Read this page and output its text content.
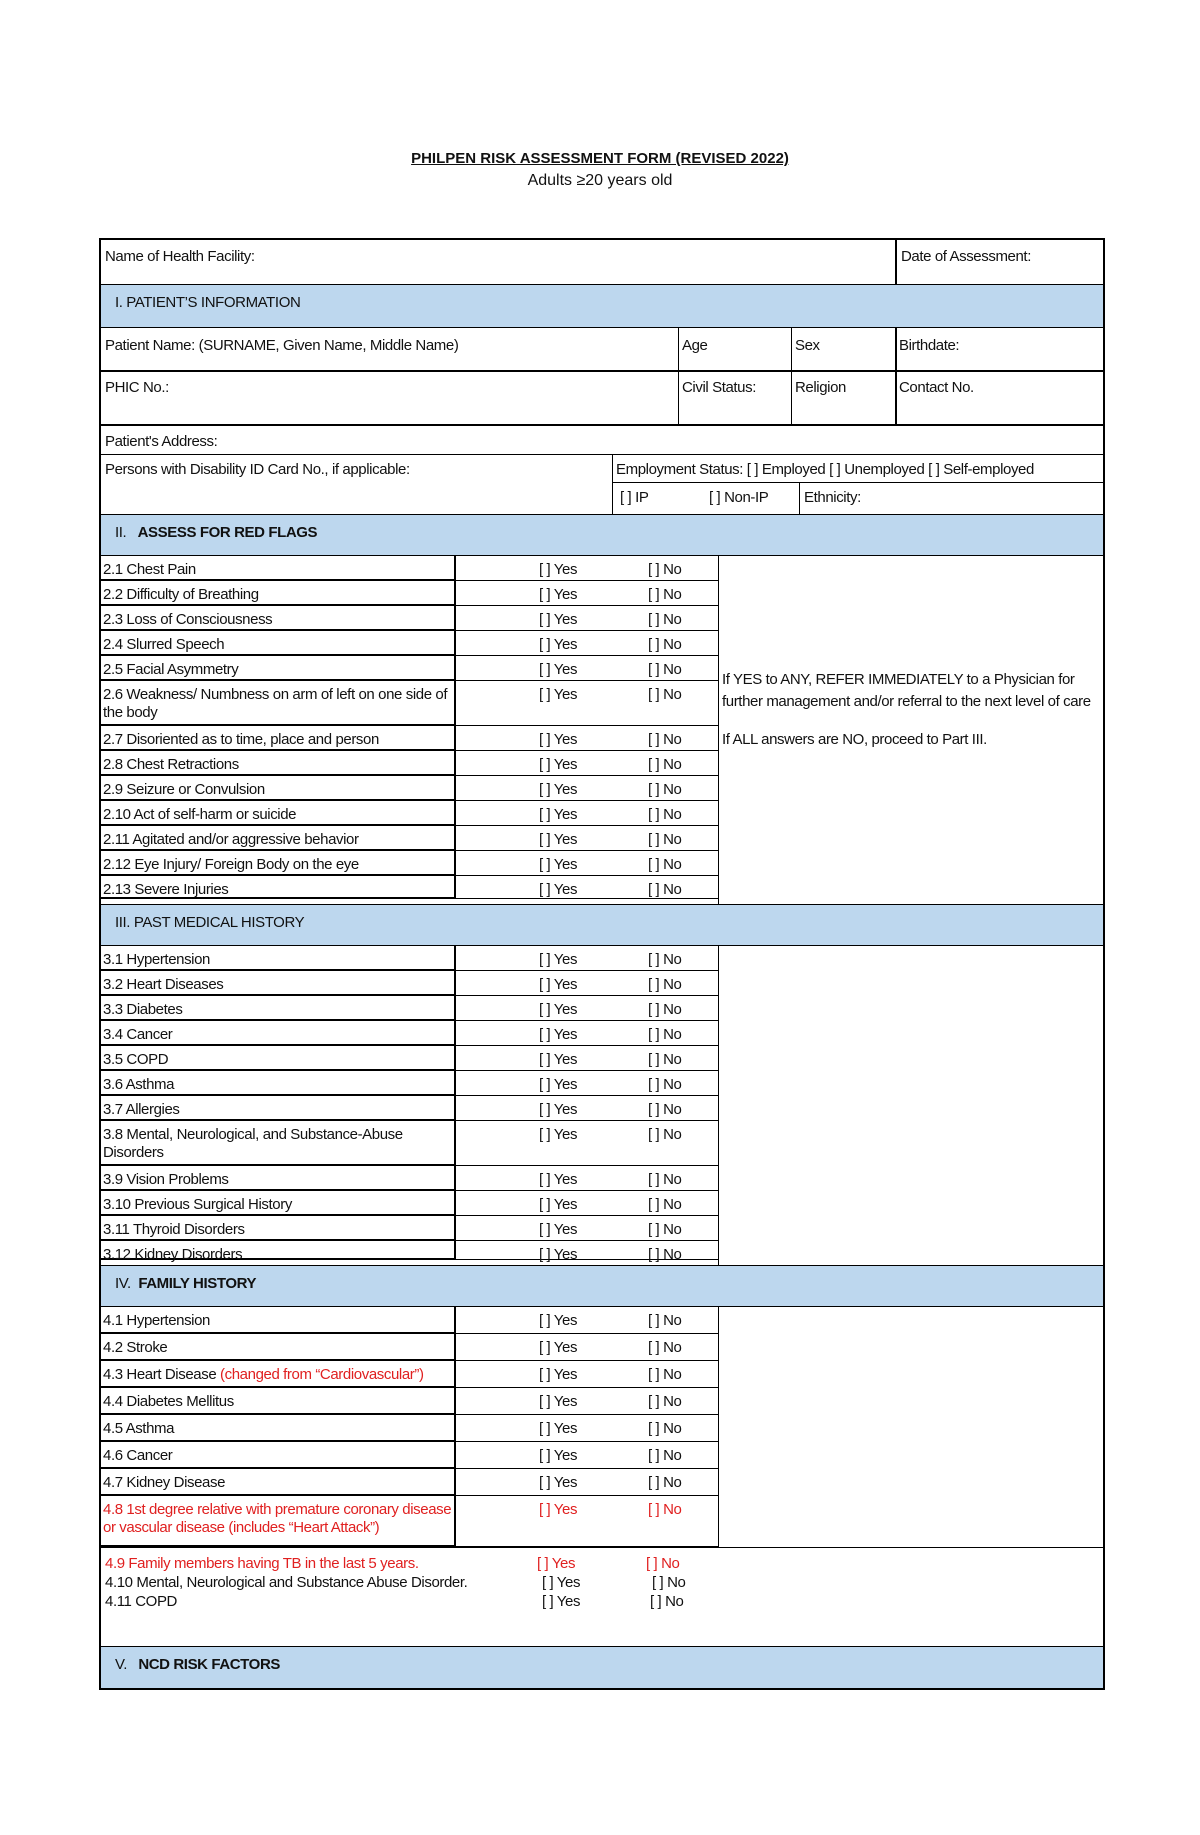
PHILPEN RISK ASSESSMENT FORM (REVISED 2022)
Adults ≥20 years old
Name of Health Facility:	Date of Assessment:
I. PATIENT’S INFORMATION
Patient Name: (SURNAME, Given Name, Middle Name)	Age	Sex	Birthdate:
PHIC No.:	Civil Status:	Religion	Contact No.
Patient's Address:
Persons with Disability ID Card No., if applicable:	Employment Status: [ ] Employed [ ] Unemployed [ ] Self-employed
[ ] IP	[ ] Non-IP Ethnicity:
II. ASSESS FOR RED FLAGS
2.1 Chest Pain	[ ] Yes	[ ] No
2.2 Difficulty of Breathing	[ ] Yes	[ ] No
2.3 Loss of Consciousness	[ ] Yes	[ ] No
2.4 Slurred Speech	[ ] Yes	[ ] No
2.5 Facial Asymmetry	[ ] Yes	[ ] No
2.6 Weakness/ Numbness on arm of left on one side of the body
[ ] Yes	[ ] No
2.7 Disoriented as to time, place and person	[ ] Yes	[ ] No
2.8 Chest Retractions	[ ] Yes	[ ] No
2.9 Seizure or Convulsion	[ ] Yes	[ ] No
2.10 Act of self-harm or suicide	[ ] Yes	[ ] No
2.11 Agitated and/or aggressive behavior	[ ] Yes	[ ] No
2.12 Eye Injury/ Foreign Body on the eye	[ ] Yes	[ ] No
2.13 Severe Injuries	[ ] Yes	[ ] No
If YES to ANY, REFER IMMEDIATELY to a Physician for further management and/or referral to the next level of care
If ALL answers are NO, proceed to Part III.
III. PAST MEDICAL HISTORY
3.1 Hypertension	[ ] Yes	[ ] No
3.2 Heart Diseases	[ ] Yes	[ ] No
3.3 Diabetes	[ ] Yes	[ ] No
3.4 Cancer	[ ] Yes	[ ] No
3.5 COPD	[ ] Yes	[ ] No
3.6 Asthma	[ ] Yes	[ ] No
3.7 Allergies	[ ] Yes	[ ] No
3.8 Mental, Neurological, and Substance-Abuse Disorders
[ ] Yes	[ ] No
3.9 Vision Problems	[ ] Yes	[ ] No
3.10 Previous Surgical History	[ ] Yes	[ ] No
3.11 Thyroid Disorders	[ ] Yes	[ ] No
3.12 Kidney Disorders	[ ] Yes	[ ] No
IV. FAMILY HISTORY
4.1 Hypertension	[ ] Yes	[ ] No
4.2 Stroke	[ ] Yes	[ ] No
4.3 Heart Disease (changed from “Cardiovascular”)	[ ] Yes	[ ] No
4.4 Diabetes Mellitus	[ ] Yes	[ ] No
4.5 Asthma	[ ] Yes	[ ] No
4.6 Cancer	[ ] Yes	[ ] No
4.7 Kidney Disease	[ ] Yes	[ ] No
4.8 1st degree relative with premature coronary disease or vascular disease (includes “Heart Attack”)
[ ] Yes	[ ] No
4.9 Family members having TB in the last 5 years.	[ ] Yes	[ ] No
4.10 Mental, Neurological and Substance Abuse Disorder.	[ ] Yes	[ ] No
4.11 COPD	[ ] Yes	[ ] No
V. NCD RISK FACTORS
